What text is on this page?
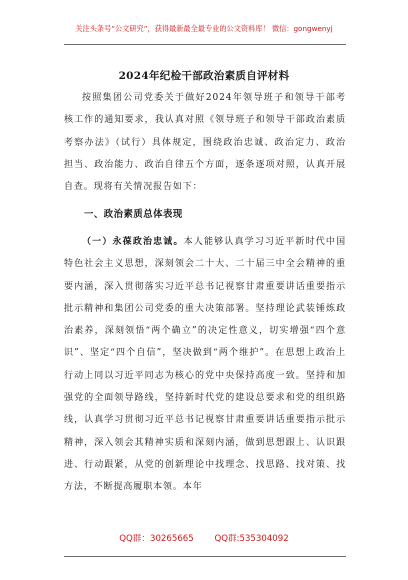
关注头条号“公文研究”，获得最新最全最专业的公文资料库！ 微信：gongwenyj
2024年纪检干部政治素质自评材料
按照集团公司党委关于做好2024年领导班子和领导干部考核工作的通知要求，我认真对照《领导班子和领导干部政治素质考察办法》（试行）具体规定，围绕政治忠诚、政治定力、政治担当、政治能力、政治自律五个方面，逐条逐项对照，认真开展自查。现将有关情况报告如下：
一、政治素质总体表现
（一）永葆政治忠诚。本人能够认真学习习近平新时代中国特色社会主义思想，深刻领会二十大、二十届三中全会精神的重要内涵，深入贯彻落实习近平总书记视察甘肃重要讲话重要指示批示精神和集团公司党委的重大决策部署。坚持理论武装锤炼政治素养，深刻领悟“两个确立”的决定性意义，切实增强“四个意识”、坚定“四个自信”，坚决做到“两个维护”。在思想上政治上行动上同以习近平同志为核心的党中央保持高度一致。坚持和加强党的全面领导路线，坚持新时代党的建设总要求和党的组织路线，认真学习贯彻习近平总书记视察甘肃重要讲话重要指示批示精神，深入领会其精神实质和深刻内涵，做到思想跟上、认识跟进、行动跟紧，从党的创新理论中找理念、找思路、找对策、找方法，不断提高履职本领。本年
QQ群：30265665 QQ群:535304092
